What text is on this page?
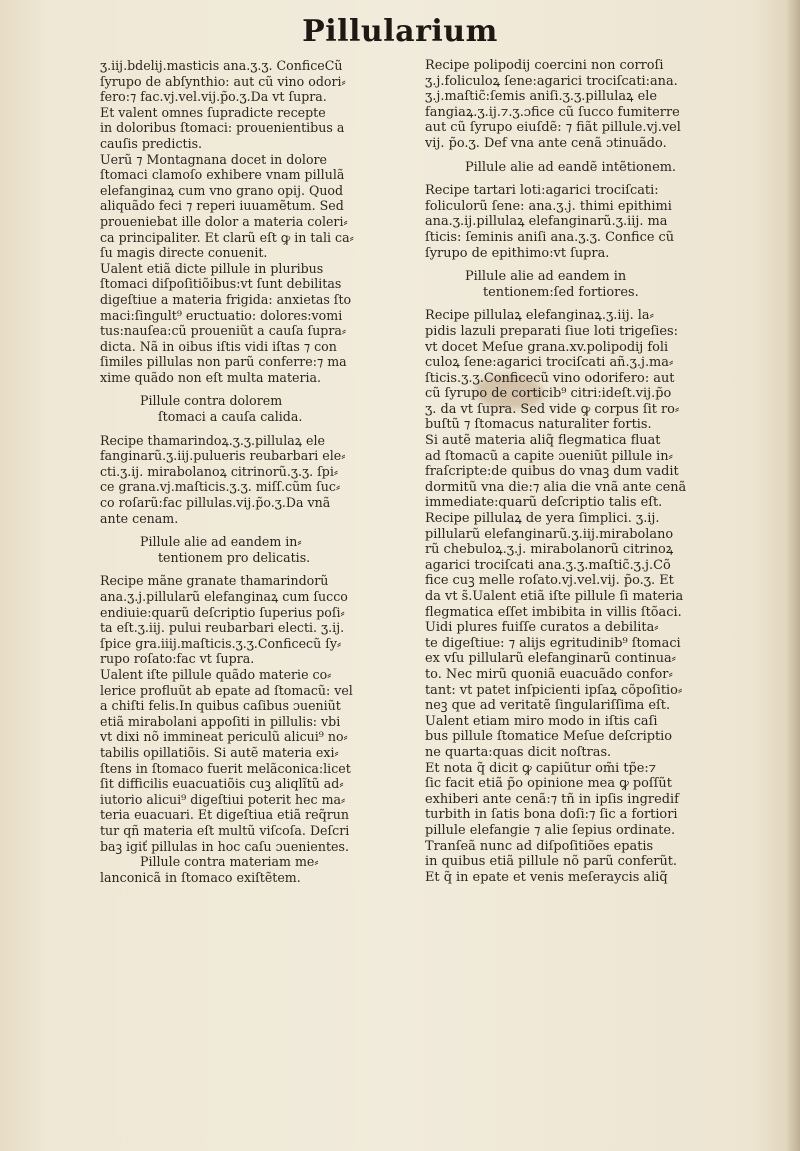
Pillularium
ʒ.iij.bdelij.masticis ana.ʒ.ʒ. ConficeCũ
ſyrupo de abſynthio: aut cũ vino odori⸗
fero:⁊ fac.vj.vel.vij.p̃o.ʒ.Da vt ſupra.
Et valent omnes ſupradicte recepte
in doloribus ſtomaci: prouenientibus a
cauſis predictis.
Uerũ ⁊ Montagnana docet in dolore
ſtomaci clamoſo exhibere vnam pillulã
elefanginaꝝ cum vno grano opij. Quod
aliquãdo feci ⁊ reperi iuuamẽtum. Sed
proueniebat ille dolor a materia coleri⸗
ca principaliter. Et clarũ eſt ꝙ in tali ca⸗
ſu magis directe conuenit.
Ualent etiã dicte pillule in pluribus
ſtomaci diſpoſitiõibus:vt ſunt debilitas
digeſtiue a materia frigida: anxietas ſto
maci:ſingult⁹ eructuatio: dolores:vomi
tus:nauſea:cũ proueniũt a cauſa ſupra⸗
dicta. Nã in oibus iſtis vidi iſtas ⁊ con
ſimiles pillulas non parũ conferre:⁊ ma
xime quãdo non eſt multa materia.
Pillule contra dolorem
ſtomaci a cauſa calida.
Recipe thamarindoꝝ.ʒ.ʒ.pillulaꝝ ele
fanginarũ.ʒ.iij.pulueris reubarbari ele⸗
cti.ʒ.ij. mirabolanoꝝ citrinorũ.ʒ.ʒ. ſpi⸗
ce grana.vj.maſticis.ʒ.ʒ. miſſ.cũm ſuc⸗
co roſarũ:fac pillulas.vij.p̃o.ʒ.Da vnã
ante cenam.
Pillule alie ad eandem in⸗
tentionem pro delicatis.
Recipe mãne granate thamarindorũ
ana.ʒ.j.pillularũ elefanginaꝝ cum ſucco
endiuie:quarũ deſcriptio ſuperius poſi⸗
ta eſt.ʒ.iij. pului reubarbari electi. ʒ.ij.
ſpice gra.iiij.maſticis.ʒ.ʒ.Conficecũ ſy⸗
rupo roſato:fac vt ſupra.
Ualent iſte pillule quãdo materie co⸗
lerice profluũt ab epate ad ſtomacũ: vel
a chiſti felis.In quibus caſibus ɔueniũt
etiã mirabolani appoſiti in pillulis: vbi
vt dixi nõ immineat periculũ alicui⁹ no⸗
tabilis opillatiõis. Si autẽ materia exi⸗
ſtens in ſtomaco fuerit melãconica:licet
ſit difficilis euacuatiõis cuꝫ aliqlı̃tũ ad⸗
iutorio alicui⁹ digeſtiui poterit hec ma⸗
teria euacuari. Et digeſtiua etiã req̃run
tur qñ materia eſt multũ viſcoſa. Deſcri
baꝫ igiť pillulas in hoc caſu ɔuenientes.
Pillule contra materiam me⸗
lanconicã in ſtomaco exiſtẽtem.
Recipe polipodij coercini non corroſi
ʒ.j.foliculoꝝ ſene:agarici trociſcati:ana.
ʒ.j.maſtic̃:ſemis aniſi.ʒ.ʒ.pillulaꝝ ele
fangiaꝝ.ʒ.ij.⁊.ʒ.ɔfice cũ ſucco fumiterre
aut cũ ſyrupo eiuſdẽ: ⁊ fiãt pillule.vj.vel
vij. p̃o.ʒ. Def vna ante cenã ɔtinuãdo.
Pillule alie ad eandẽ intẽtionem.
Recipe tartari loti:agarici trociſcati:
foliculorũ ſene: ana.ʒ.j. thimi epithimi
ana.ʒ.ij.pillulaꝝ elefanginarũ.ʒ.iij. ma
ſticis: ſeminis aniſi ana.ʒ.ʒ. Confice cũ
ſyrupo de epithimo:vt ſupra.
Pillule alie ad eandem in
tentionem:ſed fortiores.
Recipe pillulaꝝ elefanginaꝝ.ʒ.iij. la⸗
pidis lazuli preparati ſiue loti trigeſies:
vt docet Meſue grana.xv.polipodij foli
culoꝝ ſene:agarici trociſcati añ.ʒ.j.ma⸗
ſticis.ʒ.ʒ.Conficecũ vino odorifero: aut
cũ ſyrupo de corticib⁹ citri:ideſt.vij.p̃o
ʒ. da vt ſupra. Sed vide ꝙ corpus ſit ro⸗
buſtũ ⁊ ſtomacus naturaliter fortis.
Si autẽ materia aliq̃ flegmatica fluat
ad ſtomacũ a capite ɔueniũt pillule in⸗
fraſcripte:de quibus do vnaꝫ dum vadit
dormitũ vna die:⁊ alia die vnã ante cenã
immediate:quarũ deſcriptio talis eſt.
Recipe pillulaꝝ de yera ſimplici. ʒ.ij.
pillularũ elefanginarũ.ʒ.iij.mirabolano
rũ chebuloꝝ.ʒ.j. mirabolanorũ citrinoꝝ
agarici trociſcati ana.ʒ.ʒ.maſtic̃.ʒ.j.Cõ
fice cuꝫ melle roſato.vj.vel.vij. p̃o.ʒ. Et
da vt s̃.Ualent etiã iſte pillule ſi materia
flegmatica eſſet imbibita in villis ſtõaci.
Uidi plures fuiſſe curatos a debilita⸗
te digeſtiue: ⁊ alijs egritudinib⁹ ſtomaci
ex vſu pillularũ elefanginarũ continua⸗
to. Nec mirũ quoniã euacuãdo confor⸗
tant: vt patet inſpicienti ipſaꝝ cõpoſitio⸗
neꝫ que ad veritatẽ ſingulariſſima eſt.
Ualent etiam miro modo in iſtis caſi
bus pillule ſtomatice Meſue deſcriptio
ne quarta:quas dicit noſtras.
Et nota q̃ dicit ꝙ capiũtur om̃i tp̃e:⁊
ſic facit etiã p̃o opinione mea ꝙ poſſũt
exhiberi ante cenã:⁊ tñ in ipſis ingredif
turbith in ſatis bona doſi:⁊ ſic a fortiori
pillule elefangie ⁊ alie ſepius ordinate.
Tranſeã nunc ad diſpoſitiões epatis
in quibus etiã pillule nõ parũ conferũt.
Et q̃ in epate et venis meſeraycis aliq̃
